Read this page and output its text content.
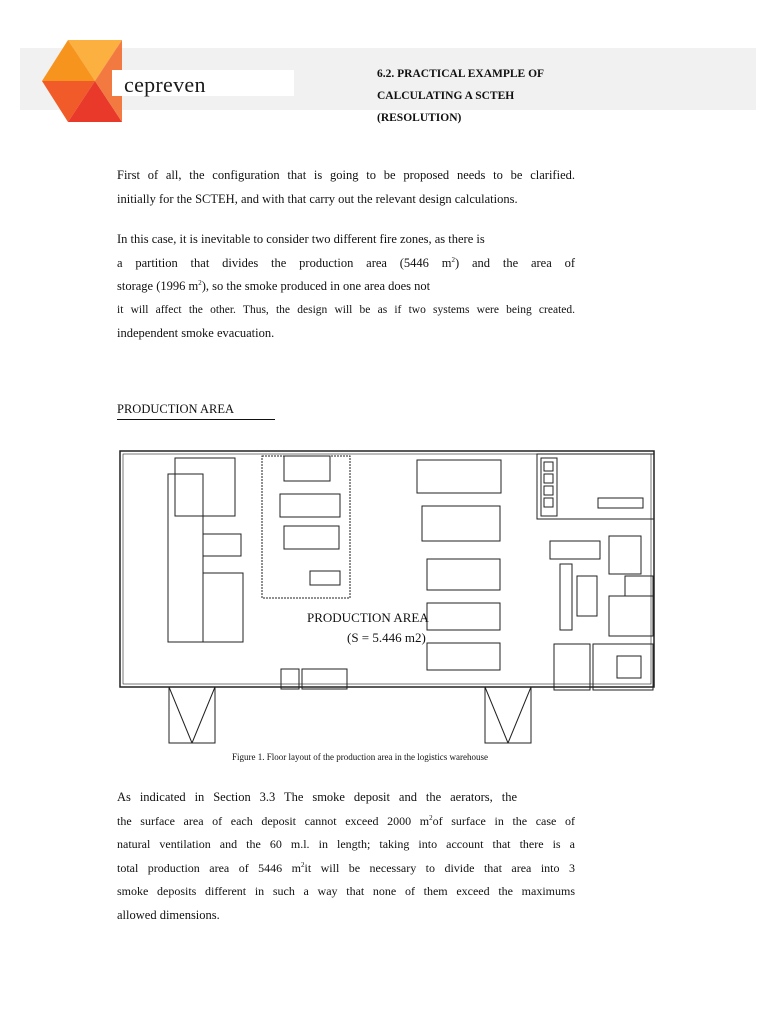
cepreven	6.2. PRACTICAL EXAMPLE OF CALCULATING A SCTEH
(RESOLUTION)
First of all, the configuration that is going to be proposed needs to be clarified.
initially for the SCTEH, and with that carry out the relevant design calculations.
In this case, it is inevitable to consider two different fire zones, as there is
a partition that divides the production area (5446 $m^2$) and the area of
storage (1996 $m^2$), so the smoke produced in one area does not
it will affect the other. Thus, the design will be as if two systems were being created.
independent smoke evacuation.
PRODUCTION AREA
PRODUCTION AREA
(S = 5.446 m2)
Figure 1. Floor layout of the production area in the logistics warehouse
As indicated in Section 3.3 The smoke deposit and the aerators, the
the surface area of each deposit cannot exceed 2000 $m^2of$ surface in the case of
natural ventilation and the 60 m.l. in length; taking into account that there is a
total production area of 5446 $m^2it$ will be necessary to divide that area into 3
smoke deposits different in such a way that none of them exceed the maximums
allowed dimensions.
